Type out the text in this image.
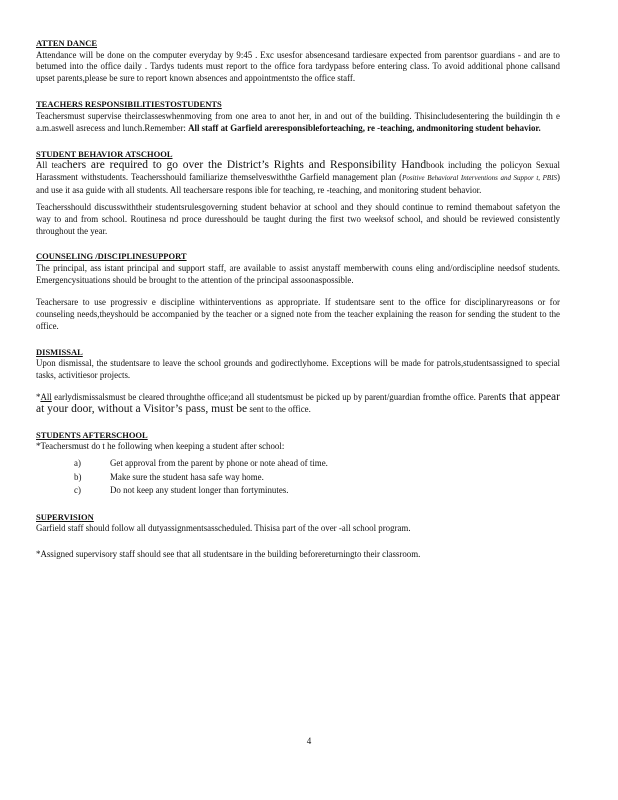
ATTEN DANCE

Attendance will be done on the computer everyday by 9:45 . Exc usesfor absencesand tardiesare expected from parentsor guardians - and are to betumed into the office daily . Tardys tudents must report to the office fora tardypass before entering class. To avoid additional phone callsand upset parents,please be sure to report known absences and appointmentsto the office staff.

TEACHERS RESPONSIBILITIESTOSTUDENTS

Teachersmust supervise theirclasseswhenmoving from one area to anot her, in and out of the building. Thisincludesentering the buildingin th e a.m.aswell asrecess and lunch.Remember: All staff at Garfield areresponsibleforteaching, re -teaching, andmonitoring student behavior.

STUDENT BEHAVIOR ATSCHOOL

All teachers are required to go over the District’s Rights and Responsibility Handbook including the policyon Sexual Harassment withstudents. Teachersshould familiarize themselveswiththe Garfield management plan (Positive Behavioral Interventions and Suppor t, PBIS) and use it asa guide with all students. All teachersare respons ible for teaching, re -teaching, and monitoring student behavior.

Teachersshould discusswiththeir studentsrulesgoverning student behavior at school and they should continue to remind themabout safetyon the way to and from school. Routinesa nd proce duresshould be taught during the first two weeksof school, and should be reviewed consistently throughout the year.

COUNSELING /DISCIPLINESUPPORT

The principal, ass istant principal and support staff, are available to assist anystaff memberwith couns eling and/ordiscipline needsof students. Emergencysituations should be brought to the attention of the principal assoonaspossible.

Teachersare to use progressiv e discipline withinterventions as appropriate. If studentsare sent to the office for disciplinaryreasons or for counseling needs,theyshould be accompanied by the teacher or a signed note from the teacher explaining the reason for sending the student to the office.

DISMISSAL

Upon dismissal, the studentsare to leave the school grounds and godirectlyhome. Exceptions will be made for patrols,studentsassigned to special tasks, activitiesor projects.

*All earlydismissalsmust be cleared throughthe office;and all studentsmust be picked up by parent/guardian fromthe office. Parents that appear at your door, without a Visitor’s pass, must be sent to the office.

STUDENTS AFTERSCHOOL

*Teachersmust do t he following when keeping a student after school:

a)	Get approval from the parent by phone or note ahead of time.
b)	Make sure the student hasa safe way home.
c)	Do not keep any student longer than fortyminutes.
SUPERVISION

Garfield staff should follow all dutyassignmentsasscheduled. Thisisa part of the over -all school program.

*Assigned supervisory staff should see that all studentsare in the building beforereturningto their classroom.

4
